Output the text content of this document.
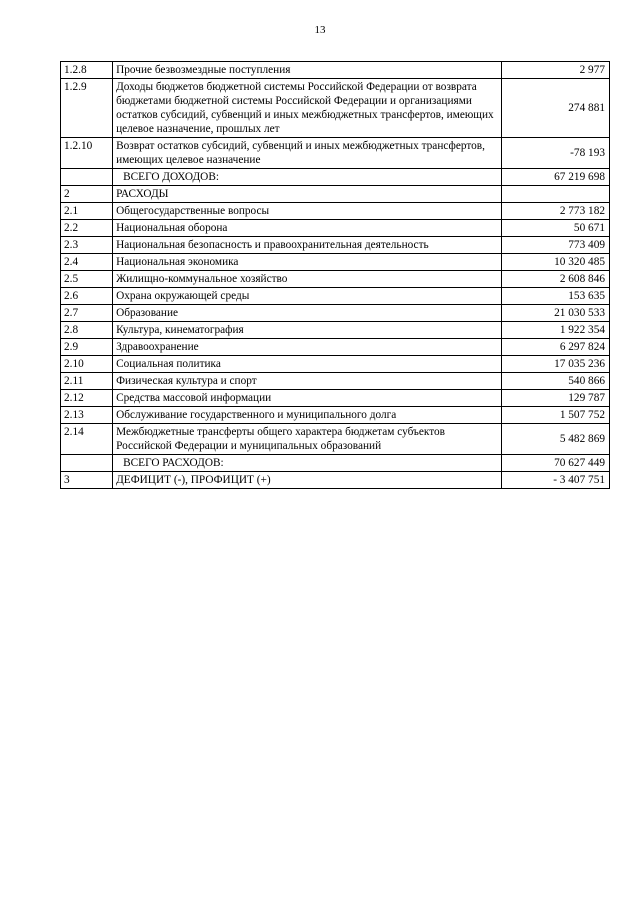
13
1.2.8	Прочие безвозмездные поступления	2 977
1.2.9	Доходы бюджетов бюджетной системы Российской Федерации от возврата бюджетами бюджетной системы Российской Федерации и организациями остатков субсидий, субвенций и иных межбюджетных трансфертов, имеющих целевое назначение, прошлых лет	274 881
1.2.10	Возврат остатков субсидий, субвенций и иных межбюджетных трансфертов, имеющих целевое назначение	-78 193
	ВСЕГО ДОХОДОВ:	67 219 698
2	РАСХОДЫ	
2.1	Общегосударственные вопросы	2 773 182
2.2	Национальная оборона	50 671
2.3	Национальная безопасность и правоохранительная деятельность	773 409
2.4	Национальная экономика	10 320 485
2.5	Жилищно-коммунальное хозяйство	2 608 846
2.6	Охрана окружающей среды	153 635
2.7	Образование	21 030 533
2.8	Культура, кинематография	1 922 354
2.9	Здравоохранение	6 297 824
2.10	Социальная политика	17 035 236
2.11	Физическая культура и спорт	540 866
2.12	Средства массовой информации	129 787
2.13	Обслуживание государственного и муниципального долга	1 507 752
2.14	Межбюджетные трансферты общего характера бюджетам субъектов Российской Федерации и муниципальных образований	5 482 869
	ВСЕГО РАСХОДОВ:	70 627 449
3	ДЕФИЦИТ (-), ПРОФИЦИТ (+)	- 3 407 751
